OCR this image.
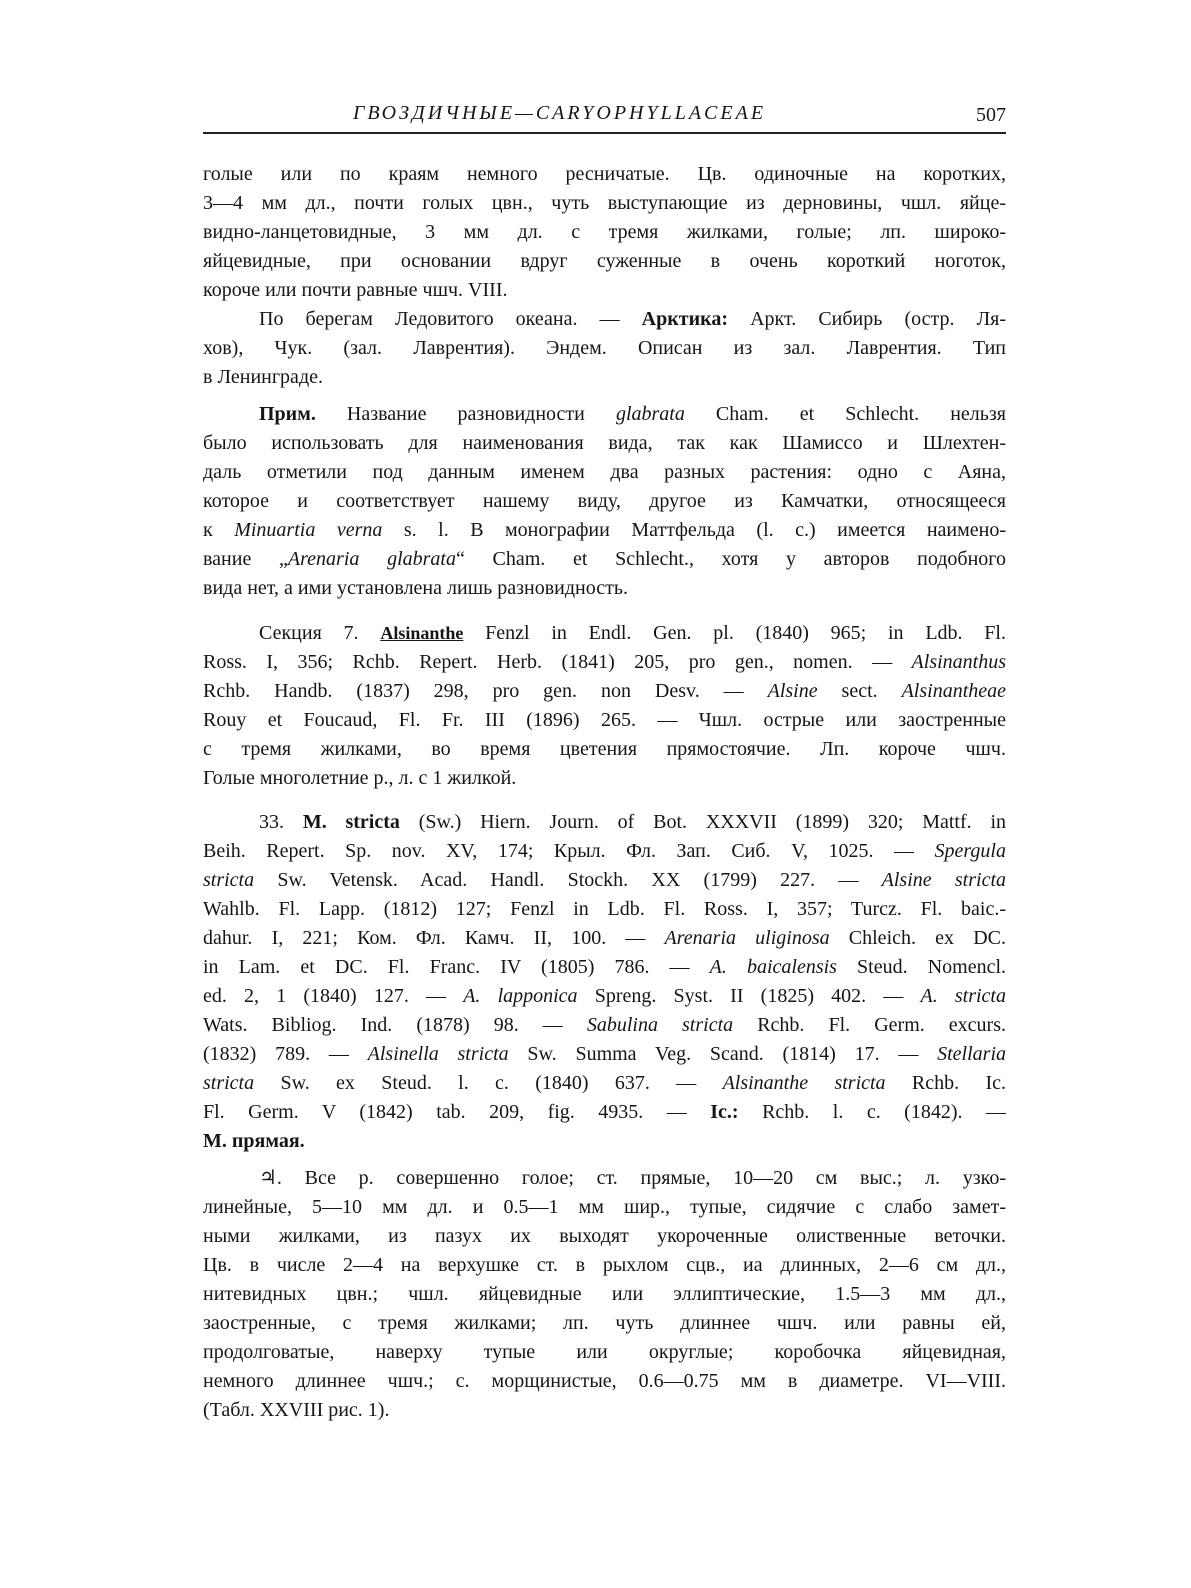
ГВОЗДИЧНЫЕ—CARYOPHYLLACEAE	507
голые или по краям немного ресничатые. Цв. одиночные на коротких,
3—4 мм дл., почти голых цвн., чуть выступающие из дерновины, чшл. яйце-
видно-ланцетовидные, 3 мм дл. с тремя жилками, голые; лп. широко-
яйцевидные, при основании вдруг суженные в очень короткий ноготок,
короче или почти равные чшч. VIII.
По берегам Ледовитого океана. — Арктика: Аркт. Сибирь (остр. Ля-
хов), Чук. (зал. Лаврентия). Эндем. Описан из зал. Лаврентия. Тип
в Ленинграде.
Прим. Название разновидности glabrata Cham. et Schlecht. нельзя
было использовать для наименования вида, так как Шамиссо и Шлехтен-
даль отметили под данным именем два разных растения: одно с Аяна,
которое и соответствует нашему виду, другое из Камчатки, относящееся
к Minuartia verna s. l. В монографии Маттфельда (l. c.) имеется наимено-
вание „Arenaria glabrata“ Cham. et Schlecht., хотя у авторов подобного
вида нет, а ими установлена лишь разновидность.
Секция 7. Alsinanthe Fenzl in Endl. Gen. pl. (1840) 965; in Ldb. Fl.
Ross. I, 356; Rchb. Repert. Herb. (1841) 205, pro gen., nomen. — Alsinanthus
Rchb. Handb. (1837) 298, pro gen. non Desv. — Alsine sect. Alsinantheae
Rouy et Foucaud, Fl. Fr. III (1896) 265. — Чшл. острые или заостренные
с тремя жилками, во время цветения прямостоячие. Лп. короче чшч.
Голые многолетние р., л. с 1 жилкой.
33. M. stricta (Sw.) Hiern. Journ. of Bot. XXXVII (1899) 320; Mattf. in
Beih. Repert. Sp. nov. XV, 174; Крыл. Фл. Зап. Сиб. V, 1025. — Spergula
stricta Sw. Vetensk. Acad. Handl. Stockh. XX (1799) 227. — Alsine stricta
Wahlb. Fl. Lapp. (1812) 127; Fenzl in Ldb. Fl. Ross. I, 357; Turcz. Fl. baic.-
dahur. I, 221; Ком. Фл. Камч. II, 100. — Arenaria uliginosa Chleich. ex DC.
in Lam. et DC. Fl. Franc. IV (1805) 786. — A. baicalensis Steud. Nomencl.
ed. 2, 1 (1840) 127. — A. lapponica Spreng. Syst. II (1825) 402. — A. stricta
Wats. Bibliog. Ind. (1878) 98. — Sabulina stricta Rchb. Fl. Germ. excurs.
(1832) 789. — Alsinella stricta Sw. Summa Veg. Scand. (1814) 17. — Stellaria
stricta Sw. ex Steud. l. c. (1840) 637. — Alsinanthe stricta Rchb. Ic.
Fl. Germ. V (1842) tab. 209, fig. 4935. — Ic.: Rchb. l. c. (1842). —
M. прямая.
♃. Все р. совершенно голое; ст. прямые, 10—20 см выс.; л. узко-
линейные, 5—10 мм дл. и 0.5—1 мм шир., тупые, сидячие с слабо замет-
ными жилками, из пазух их выходят укороченные олиственные веточки.
Цв. в числе 2—4 на верхушке ст. в рыхлом сцв., иа длинных, 2—6 см дл.,
нитевидных цвн.; чшл. яйцевидные или эллиптические, 1.5—3 мм дл.,
заостренные, с тремя жилками; лп. чуть длиннее чшч. или равны ей,
продолговатые, наверху тупые или округлые; коробочка яйцевидная,
немного длиннее чшч.; с. морщинистые, 0.6—0.75 мм в диаметре. VI—VIII.
(Табл. XXVIII рис. 1).
